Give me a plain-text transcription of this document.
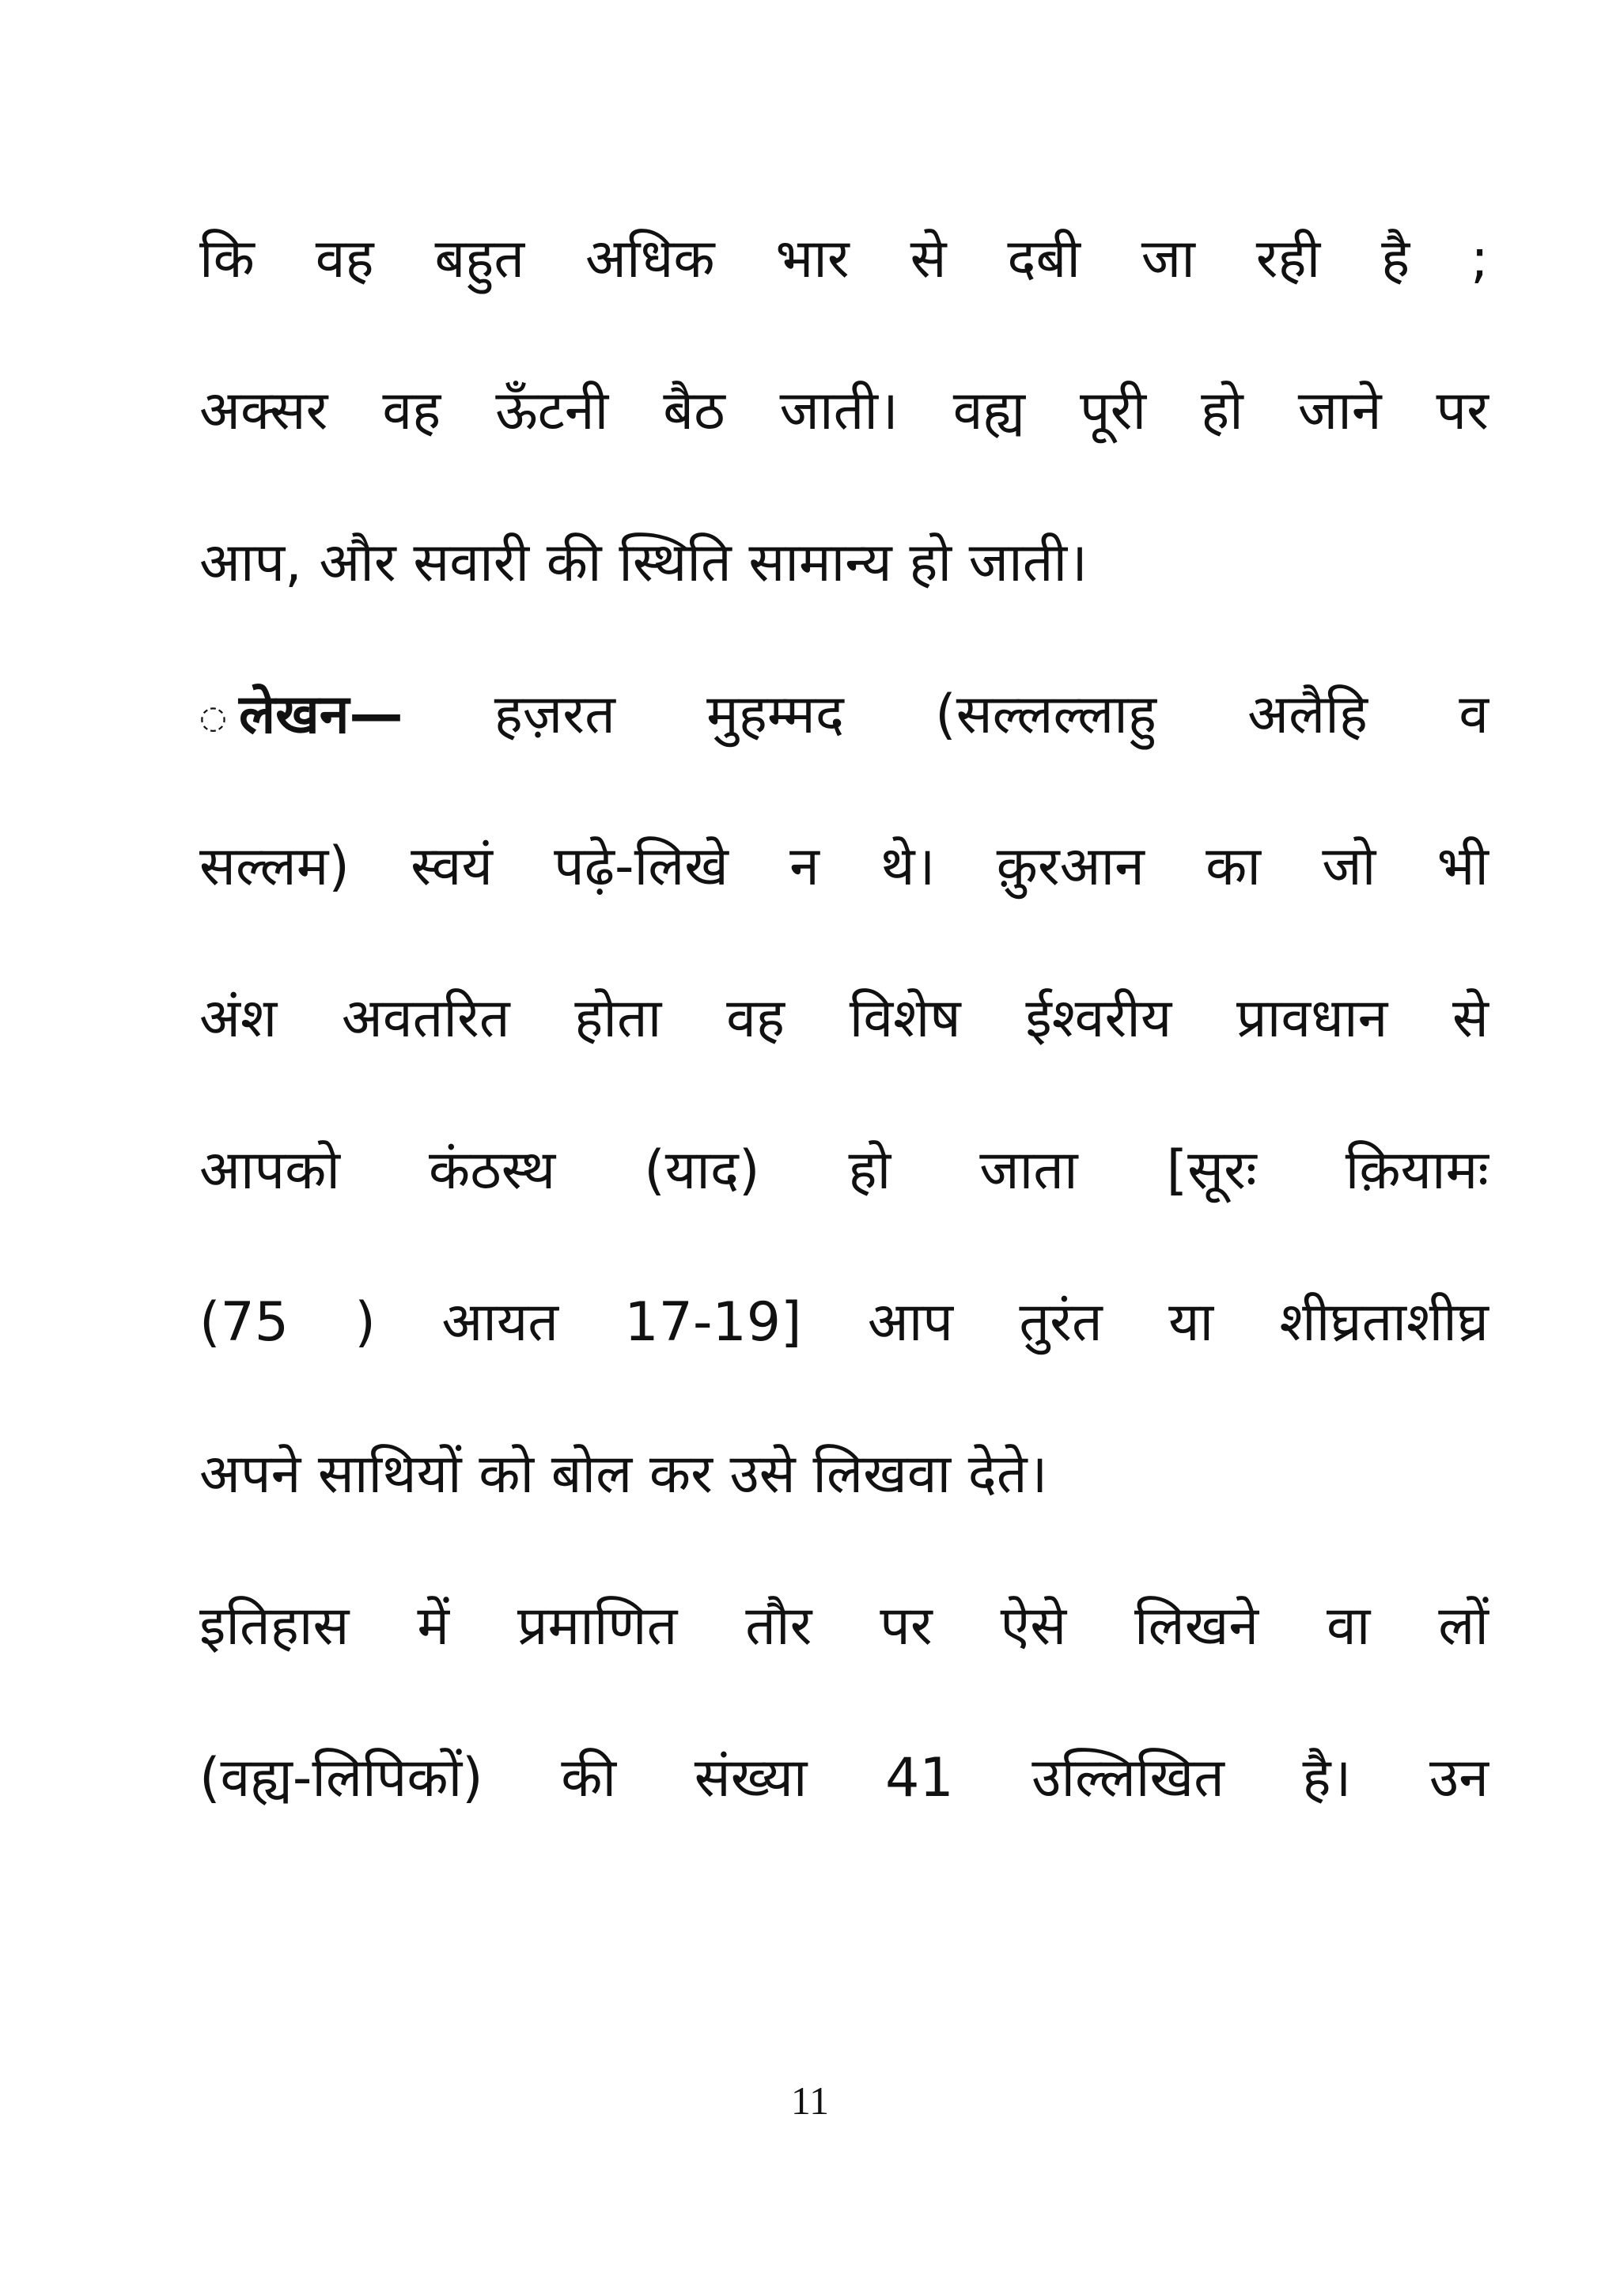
कि वह बहुत अधिक भार से दबी जा रही है ;
अक्सर वह ऊँटनी बैठ जाती। वह्य पूरी हो जाने पर
आप, और सवारी की स्थिति सामान्य हो जाती।
◌ लेखन— हज़रत मुहम्मद (सल्लल्लाहु अलैहि व
सल्लम) स्वयं पढ़े-लिखे न थे। क़ुरआन का जो भी
अंश अवतरित होता वह विशेष ईश्वरीय प्रावधान से
आपको कंठस्थ (याद) हो जाता [सूरः क़ियामः
(75 ) आयत 17-19] आप तुरंत या शीघ्रताशीघ्र
अपने साथियों को बोल कर उसे लिखवा देते।
इतिहास में प्रमाणित तौर पर ऐसे लिखने वा लों
(वह्य-लिपिकों) की संख्या 41 उल्लिखित है। उन
11
